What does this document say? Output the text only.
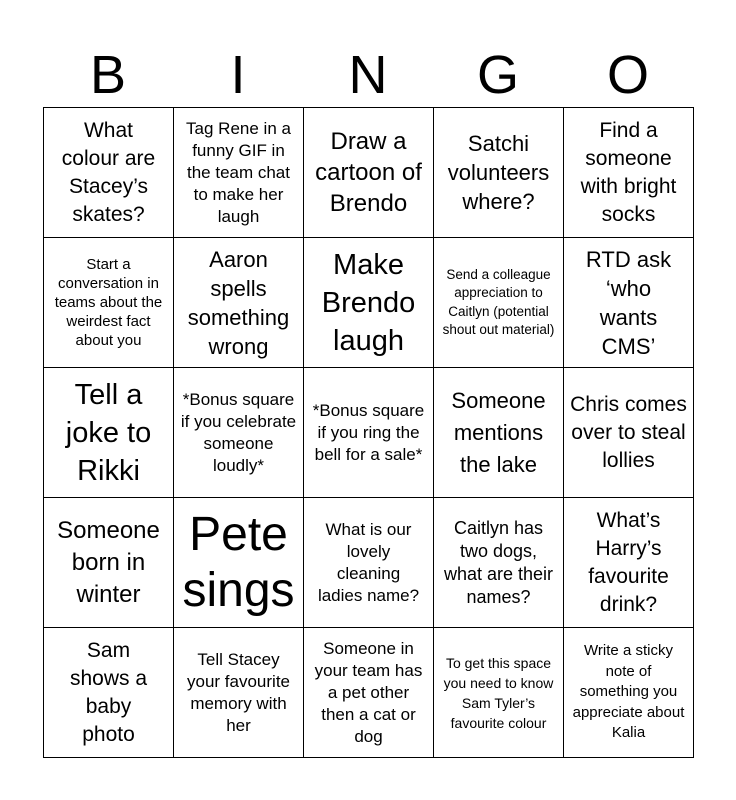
B	I	N	G	O
What colour are Stacey’s skates?	Tag Rene in a funny GIF in the team chat to make her laugh	Draw a cartoon of Brendo	Satchi volunteers where?	Find a someone with bright socks

Start a conversation in teams about the weirdest fact about you	Aaron spells something wrong	Make Brendo laugh	Send a colleague appreciation to Caitlyn (potential shout out material)	RTD ask ‘who wants CMS’

Tell a joke to Rikki	*Bonus square if you celebrate someone loudly*	*Bonus square if you ring the bell for a sale*	Someone mentions the lake	Chris comes over to steal lollies

Someone born in winter	Pete sings	What is our lovely cleaning ladies name?	Caitlyn has two dogs, what are their names?	What’s Harry’s favourite drink?

Sam shows a baby photo	Tell Stacey your favourite memory with her	Someone in your team has a pet other then a cat or dog	To get this space you need to know Sam Tyler’s favourite colour	Write a sticky note of something you appreciate about Kalia
